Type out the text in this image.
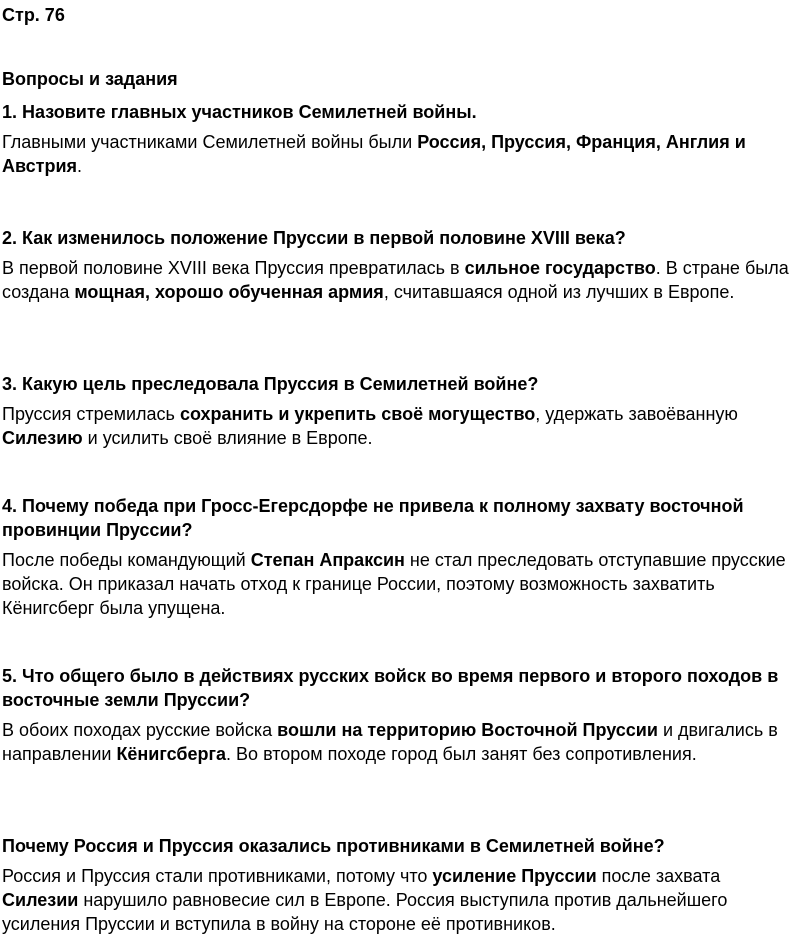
Стр. 76
Вопросы и задания

1. Назовите главных участников Семилетней войны.

Главными участниками Семилетней войны были Россия, Пруссия, Франция, Англия и Австрия.

2. Как изменилось положение Пруссии в первой половине XVIII века?

В первой половине XVIII века Пруссия превратилась в сильное государство. В стране была создана мощная, хорошо обученная армия, считавшаяся одной из лучших в Европе.

3. Какую цель преследовала Пруссия в Семилетней войне?

Пруссия стремилась сохранить и укрепить своё могущество, удержать завоёванную Силезию и усилить своё влияние в Европе.

4. Почему победа при Гросс-Егерсдорфе не привела к полному захвату восточной провинции Пруссии?

После победы командующий Степан Апраксин не стал преследовать отступавшие прусские войска. Он приказал начать отход к границе России, поэтому возможность захватить Кёнигсберг была упущена.

5. Что общего было в действиях русских войск во время первого и второго походов в восточные земли Пруссии?

В обоих походах русские войска вошли на территорию Восточной Пруссии и двигались в направлении Кёнигсберга. Во втором походе город был занят без сопротивления.

Почему Россия и Пруссия оказались противниками в Семилетней войне?

Россия и Пруссия стали противниками, потому что усиление Пруссии после захвата Силезии нарушило равновесие сил в Европе. Россия выступила против дальнейшего усиления Пруссии и вступила в войну на стороне её противников.
